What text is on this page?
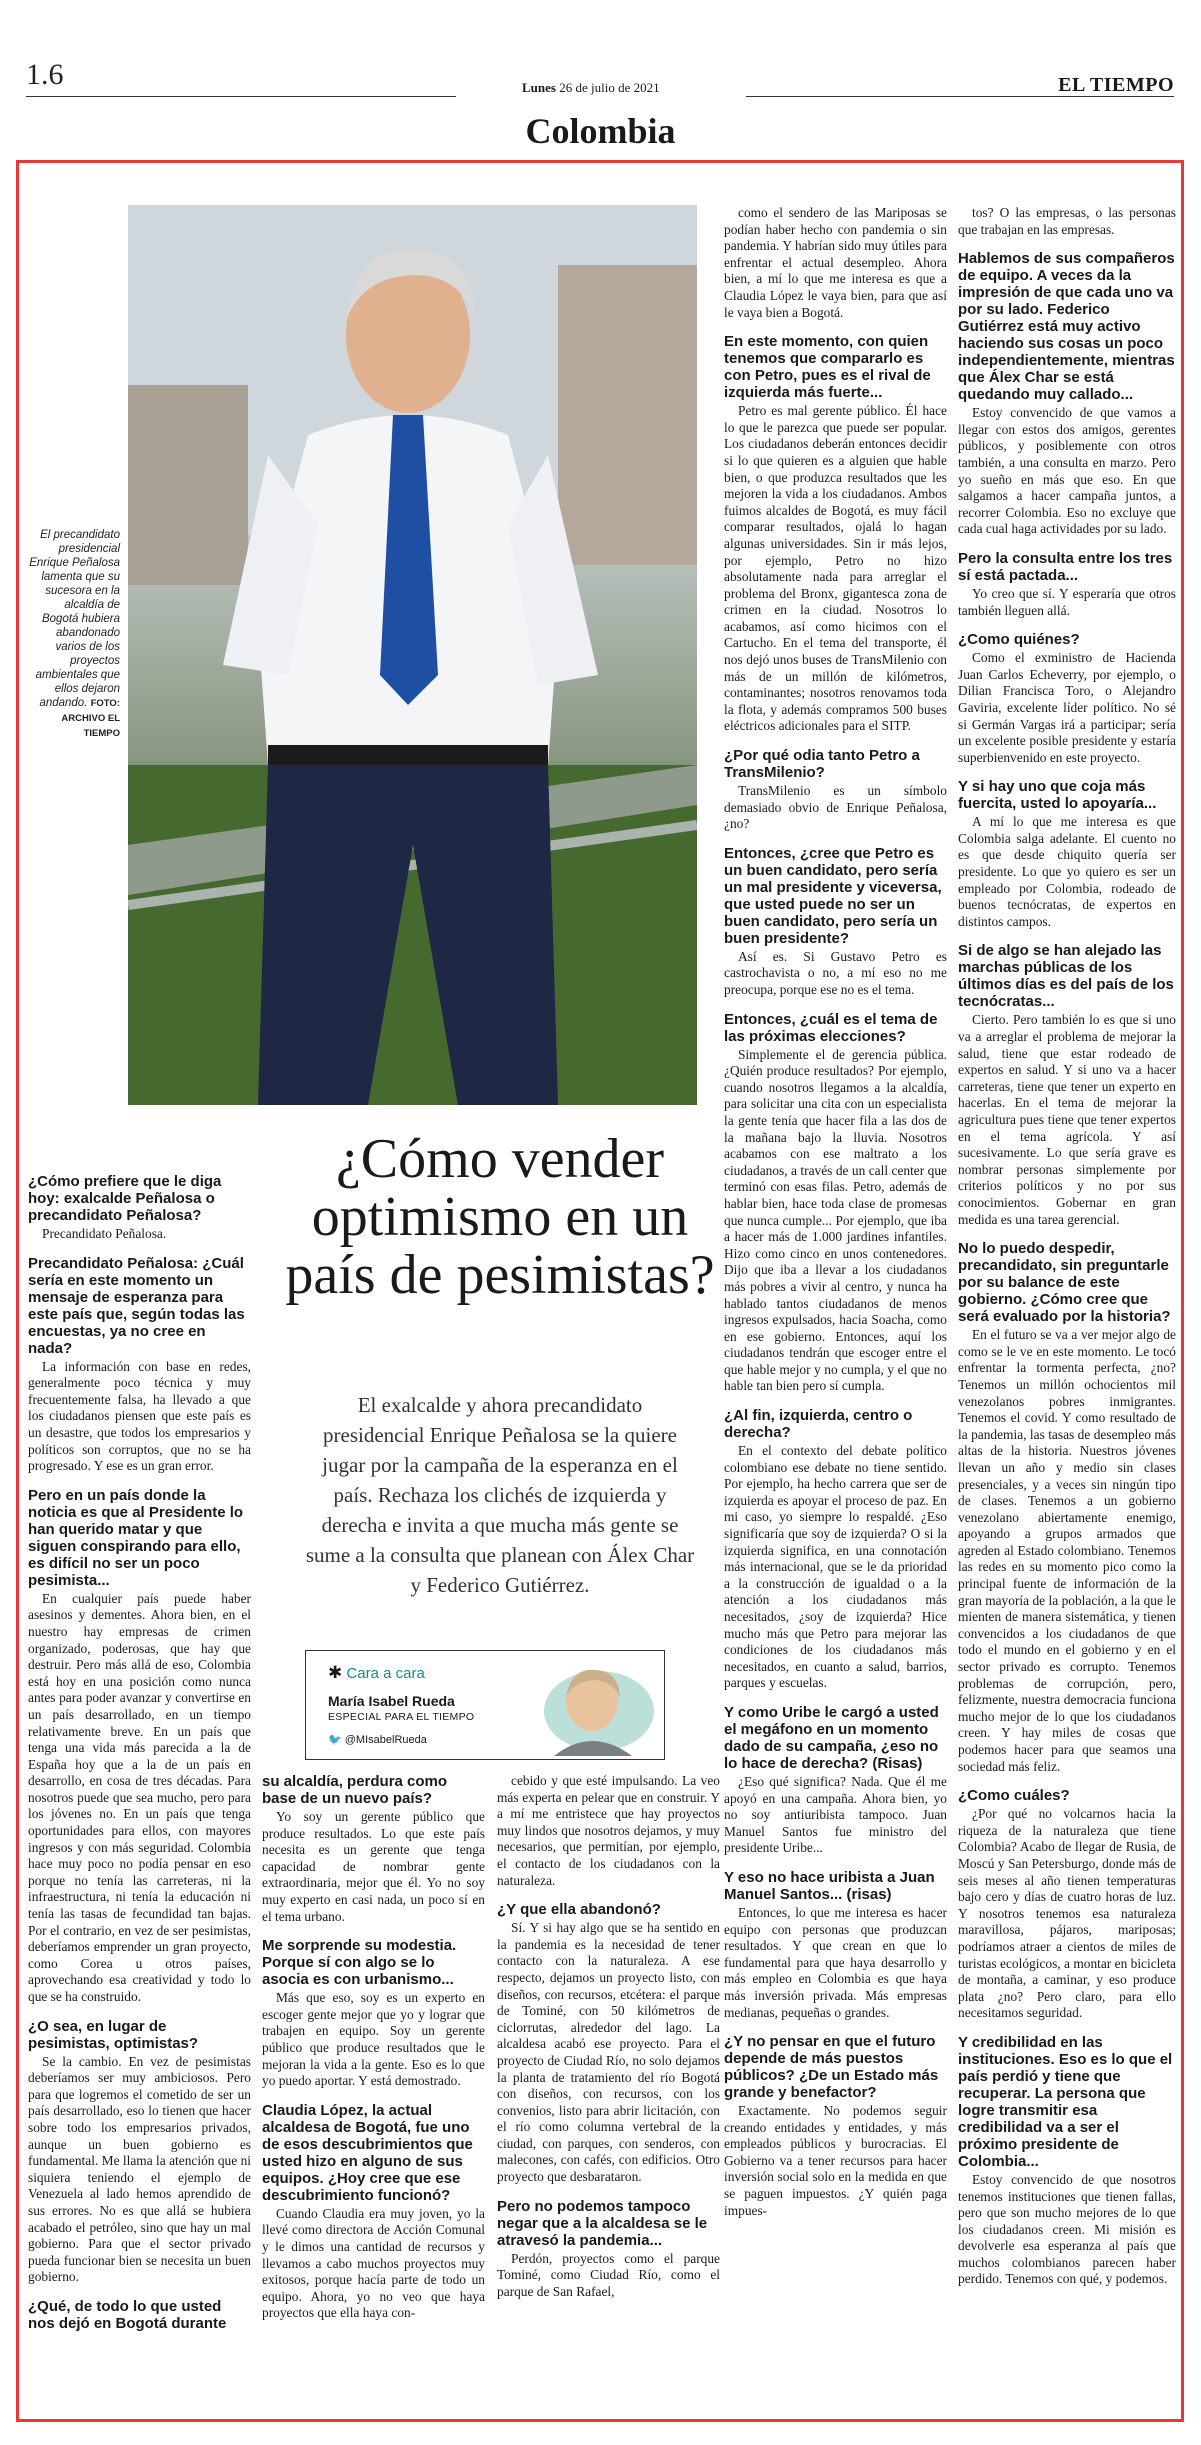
1.6	Lunes 26 de julio de 2021	EL TIEMPO
Colombia
El precandidato presidencial Enrique Peñalosa lamenta que su sucesora en la alcaldía de Bogotá hubiera abandonado varios de los proyectos ambientales que ellos dejaron andando. FOTO: ARCHIVO EL TIEMPO
¿Cómo vender optimismo en un país de pesimistas?
El exalcalde y ahora precandidato presidencial Enrique Peñalosa se la quiere jugar por la campaña de la esperanza en el país. Rechaza los clichés de izquierda y derecha e invita a que mucha más gente se sume a la consulta que planean con Álex Char y Federico Gutiérrez.
✱ Cara a cara
María Isabel Rueda
ESPECIAL PARA EL TIEMPO
🐦 @MIsabelRueda
¿Cómo prefiere que le diga hoy: exalcalde Peñalosa o precandidato Peñalosa?

Precandidato Peñalosa.

Precandidato Peñalosa: ¿Cuál sería en este momento un mensaje de esperanza para este país que, según todas las encuestas, ya no cree en nada?

La información con base en redes, generalmente poco técnica y muy frecuentemente falsa, ha llevado a que los ciudadanos piensen que este país es un desastre, que todos los empresarios y políticos son corruptos, que no se ha progresado. Y ese es un gran error.

Pero en un país donde la noticia es que al Presidente lo han querido matar y que siguen conspirando para ello, es difícil no ser un poco pesimista...

En cualquier país puede haber asesinos y dementes. Ahora bien, en el nuestro hay empresas de crimen organizado, poderosas, que hay que destruir. Pero más allá de eso, Colombia está hoy en una posición como nunca antes para poder avanzar y convertirse en un país desarrollado, en un tiempo relativamente breve. En un país que tenga una vida más parecida a la de España hoy que a la de un país en desarrollo, en cosa de tres décadas. Para nosotros puede que sea mucho, pero para los jóvenes no. En un país que tenga oportunidades para ellos, con mayores ingresos y con más seguridad. Colombia hace muy poco no podía pensar en eso porque no tenía las carreteras, ni la infraestructura, ni tenía la educación ni tenía las tasas de fecundidad tan bajas. Por el contrario, en vez de ser pesimistas, deberíamos emprender un gran proyecto, como Corea u otros países, aprovechando esa creatividad y todo lo que se ha construido.

¿O sea, en lugar de pesimistas, optimistas?

Se la cambio. En vez de pesimistas deberíamos ser muy ambiciosos. Pero para que logremos el cometido de ser un país desarrollado, eso lo tienen que hacer sobre todo los empresarios privados, aunque un buen gobierno es fundamental. Me llama la atención que ni siquiera teniendo el ejemplo de Venezuela al lado hemos aprendido de sus errores. No es que allá se hubiera acabado el petróleo, sino que hay un mal gobierno. Para que el sector privado pueda funcionar bien se necesita un buen gobierno.

¿Qué, de todo lo que usted nos dejó en Bogotá durante
su alcaldía, perdura como base de un nuevo país?

Yo soy un gerente público que produce resultados. Lo que este país necesita es un gerente que tenga capacidad de nombrar gente extraordinaria, mejor que él. Yo no soy muy experto en casi nada, un poco sí en el tema urbano.

Me sorprende su modestia. Porque sí con algo se lo asocia es con urbanismo...

Más que eso, soy es un experto en escoger gente mejor que yo y lograr que trabajen en equipo. Soy un gerente público que produce resultados que le mejoran la vida a la gente. Eso es lo que yo puedo aportar. Y está demostrado.

Claudia López, la actual alcaldesa de Bogotá, fue uno de esos descubrimientos que usted hizo en alguno de sus equipos. ¿Hoy cree que ese descubrimiento funcionó?

Cuando Claudia era muy joven, yo la llevé como directora de Acción Comunal y le dimos una cantidad de recursos y llevamos a cabo muchos proyectos muy exitosos, porque hacía parte de todo un equipo. Ahora, yo no veo que haya proyectos que ella haya con-

cebido y que esté impulsando. La veo más experta en pelear que en construir. Y a mí me entristece que hay proyectos muy lindos que nosotros dejamos, y muy necesarios, que permitían, por ejemplo, el contacto de los ciudadanos con la naturaleza.

¿Y que ella abandonó?

Sí. Y si hay algo que se ha sentido en la pandemia es la necesidad de tener contacto con la naturaleza. A ese respecto, dejamos un proyecto listo, con diseños, con recursos, etcétera: el parque de Tominé, con 50 kilómetros de ciclorrutas, alrededor del lago. La alcaldesa acabó ese proyecto. Para el proyecto de Ciudad Río, no solo dejamos la planta de tratamiento del río Bogotá con diseños, con recursos, con los convenios, listo para abrir licitación, con el río como columna vertebral de la ciudad, con parques, con senderos, con malecones, con cafés, con edificios. Otro proyecto que desbarataron.

Pero no podemos tampoco negar que a la alcaldesa se le atravesó la pandemia...

Perdón, proyectos como el parque Tominé, como Ciudad Río, como el parque de San Rafael,

como el sendero de las Mariposas se podían haber hecho con pandemia o sin pandemia. Y habrían sido muy útiles para enfrentar el actual desempleo. Ahora bien, a mí lo que me interesa es que a Claudia López le vaya bien, para que así le vaya bien a Bogotá.

En este momento, con quien tenemos que compararlo es con Petro, pues es el rival de izquierda más fuerte...

Petro es mal gerente público. Él hace lo que le parezca que puede ser popular. Los ciudadanos deberán entonces decidir si lo que quieren es a alguien que hable bien, o que produzca resultados que les mejoren la vida a los ciudadanos. Ambos fuimos alcaldes de Bogotá, es muy fácil comparar resultados, ojalá lo hagan algunas universidades. Sin ir más lejos, por ejemplo, Petro no hizo absolutamente nada para arreglar el problema del Bronx, gigantesca zona de crimen en la ciudad. Nosotros lo acabamos, así como hicimos con el Cartucho. En el tema del transporte, él nos dejó unos buses de TransMilenio con más de un millón de kilómetros, contaminantes; nosotros renovamos toda la flota, y además compramos 500 buses eléctricos adicionales para el SITP.

¿Por qué odia tanto Petro a TransMilenio?

TransMilenio es un símbolo demasiado obvio de Enrique Peñalosa, ¿no?

Entonces, ¿cree que Petro es un buen candidato, pero sería un mal presidente y viceversa, que usted puede no ser un buen candidato, pero sería un buen presidente?

Así es. Si Gustavo Petro es castrochavista o no, a mí eso no me preocupa, porque ese no es el tema.

Entonces, ¿cuál es el tema de las próximas elecciones?

Simplemente el de gerencia pública. ¿Quién produce resultados? Por ejemplo, cuando nosotros llegamos a la alcaldía, para solicitar una cita con un especialista la gente tenía que hacer fila a las dos de la mañana bajo la lluvia. Nosotros acabamos con ese maltrato a los ciudadanos, a través de un call center que terminó con esas filas. Petro, además de hablar bien, hace toda clase de promesas que nunca cumple... Por ejemplo, que iba a hacer más de 1.000 jardines infantiles. Hizo como cinco en unos contenedores. Dijo que iba a llevar a los ciudadanos más pobres a vivir al centro, y nunca ha hablado tantos ciudadanos de menos ingresos expulsados, hacia Soacha, como en ese gobierno. Entonces, aquí los ciudadanos tendrán que escoger entre el que hable mejor y no cumpla, y el que no hable tan bien pero sí cumpla.

¿Al fin, izquierda, centro o derecha?

En el contexto del debate político colombiano ese debate no tiene sentido. Por ejemplo, ha hecho carrera que ser de izquierda es apoyar el proceso de paz. En mi caso, yo siempre lo respaldé. ¿Eso significaría que soy de izquierda? O si la izquierda significa, en una connotación más internacional, que se le da prioridad a la construcción de igualdad o a la atención a los ciudadanos más necesitados, ¿soy de izquierda? Hice mucho más que Petro para mejorar las condiciones de los ciudadanos más necesitados, en cuanto a salud, barrios, parques y escuelas.

Y como Uribe le cargó a usted el megáfono en un momento dado de su campaña, ¿eso no lo hace de derecha? (Risas)

¿Eso qué significa? Nada. Que él me apoyó en una campaña. Ahora bien, yo no soy antiuribista tampoco. Juan Manuel Santos fue ministro del presidente Uribe...

Y eso no hace uribista a Juan Manuel Santos... (risas)

Entonces, lo que me interesa es hacer equipo con personas que produzcan resultados. Y que crean en que lo fundamental para que haya desarrollo y más empleo en Colombia es que haya más inversión privada. Más empresas medianas, pequeñas o grandes.

¿Y no pensar en que el futuro depende de más puestos públicos? ¿De un Estado más grande y benefactor?

Exactamente. No podemos seguir creando entidades y entidades, y más empleados públicos y burocracias. El Gobierno va a tener recursos para hacer inversión social solo en la medida en que se paguen impuestos. ¿Y quién paga impues-

tos? O las empresas, o las personas que trabajan en las empresas.

Hablemos de sus compañeros de equipo. A veces da la impresión de que cada uno va por su lado. Federico Gutiérrez está muy activo haciendo sus cosas un poco independientemente, mientras que Álex Char se está quedando muy callado...

Estoy convencido de que vamos a llegar con estos dos amigos, gerentes públicos, y posiblemente con otros también, a una consulta en marzo. Pero yo sueño en más que eso. En que salgamos a hacer campaña juntos, a recorrer Colombia. Eso no excluye que cada cual haga actividades por su lado.

Pero la consulta entre los tres sí está pactada...

Yo creo que sí. Y esperaría que otros también lleguen allá.

¿Como quiénes?

Como el exministro de Hacienda Juan Carlos Echeverry, por ejemplo, o Dilian Francisca Toro, o Alejandro Gaviria, excelente líder político. No sé si Germán Vargas irá a participar; sería un excelente posible presidente y estaría superbienvenido en este proyecto.

Y si hay uno que coja más fuercita, usted lo apoyaría...

A mí lo que me interesa es que Colombia salga adelante. El cuento no es que desde chiquito quería ser presidente. Lo que yo quiero es ser un empleado por Colombia, rodeado de buenos tecnócratas, de expertos en distintos campos.

Si de algo se han alejado las marchas públicas de los últimos días es del país de los tecnócratas...

Cierto. Pero también lo es que si uno va a arreglar el problema de mejorar la salud, tiene que estar rodeado de expertos en salud. Y si uno va a hacer carreteras, tiene que tener un experto en hacerlas. En el tema de mejorar la agricultura pues tiene que tener expertos en el tema agrícola. Y así sucesivamente. Lo que sería grave es nombrar personas simplemente por criterios políticos y no por sus conocimientos. Gobernar en gran medida es una tarea gerencial.

No lo puedo despedir, precandidato, sin preguntarle por su balance de este gobierno. ¿Cómo cree que será evaluado por la historia?

En el futuro se va a ver mejor algo de como se le ve en este momento. Le tocó enfrentar la tormenta perfecta, ¿no? Tenemos un millón ochocientos mil venezolanos pobres inmigrantes. Tenemos el covid. Y como resultado de la pandemia, las tasas de desempleo más altas de la historia. Nuestros jóvenes llevan un año y medio sin clases presenciales, y a veces sin ningún tipo de clases. Tenemos a un gobierno venezolano abiertamente enemigo, apoyando a grupos armados que agreden al Estado colombiano. Tenemos las redes en su momento pico como la principal fuente de información de la gran mayoría de la población, a la que le mienten de manera sistemática, y tienen convencidos a los ciudadanos de que todo el mundo en el gobierno y en el sector privado es corrupto. Tenemos problemas de corrupción, pero, felizmente, nuestra democracia funciona mucho mejor de lo que los ciudadanos creen. Y hay miles de cosas que podemos hacer para que seamos una sociedad más feliz.

¿Como cuáles?

¿Por qué no volcarnos hacia la riqueza de la naturaleza que tiene Colombia? Acabo de llegar de Rusia, de Moscú y San Petersburgo, donde más de seis meses al año tienen temperaturas bajo cero y días de cuatro horas de luz. Y nosotros tenemos esa naturaleza maravillosa, pájaros, mariposas; podríamos atraer a cientos de miles de turistas ecológicos, a montar en bicicleta de montaña, a caminar, y eso produce plata ¿no? Pero claro, para ello necesitamos seguridad.

Y credibilidad en las instituciones. Eso es lo que el país perdió y tiene que recuperar. La persona que logre transmitir esa credibilidad va a ser el próximo presidente de Colombia...

Estoy convencido de que nosotros tenemos instituciones que tienen fallas, pero que son mucho mejores de lo que los ciudadanos creen. Mi misión es devolverle esa esperanza al país que muchos colombianos parecen haber perdido. Tenemos con qué, y podemos.
